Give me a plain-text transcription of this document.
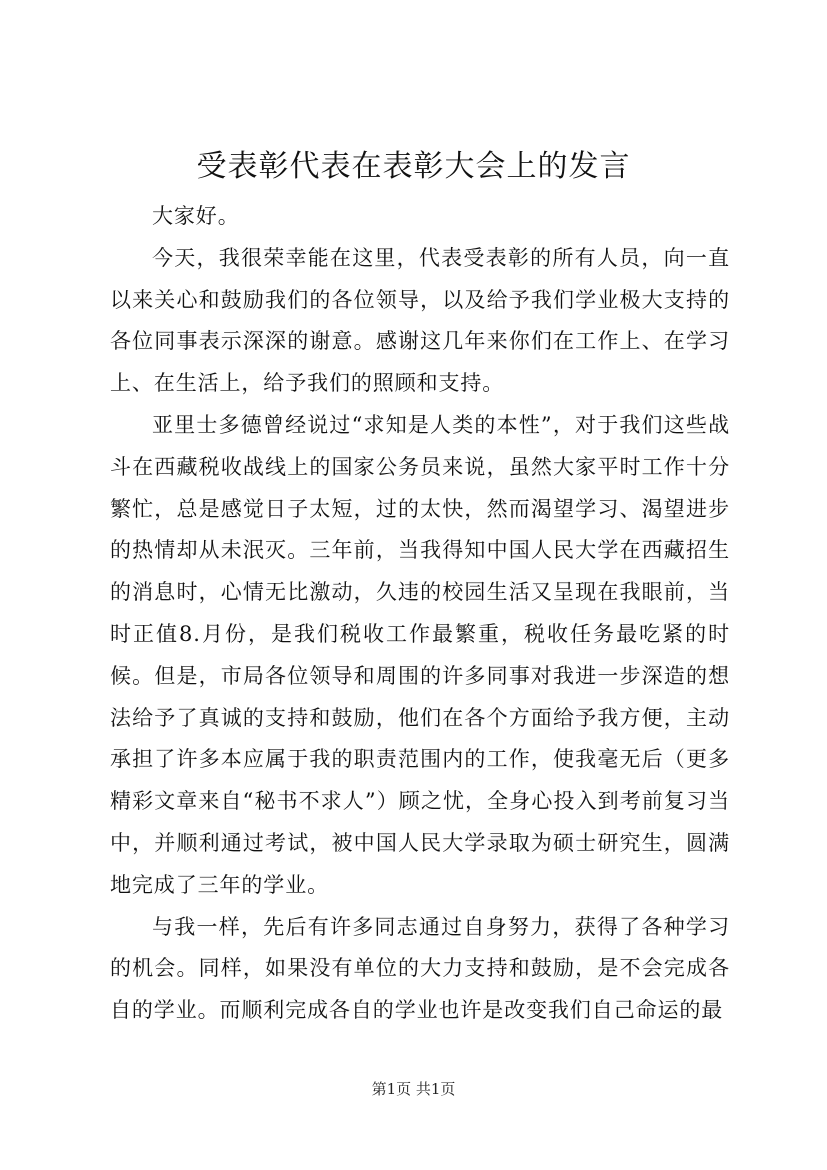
受表彰代表在表彰大会上的发言

大家好。

今天，我很荣幸能在这里，代表受表彰的所有人员，向一直以来关心和鼓励我们的各位领导，以及给予我们学业极大支持的各位同事表示深深的谢意。感谢这几年来你们在工作上、在学习上、在生活上，给予我们的照顾和支持。

亚里士多德曾经说过“求知是人类的本性”，对于我们这些战斗在西藏税收战线上的国家公务员来说，虽然大家平时工作十分繁忙，总是感觉日子太短，过的太快，然而渴望学习、渴望进步的热情却从未泯灭。三年前，当我得知中国人民大学在西藏招生的消息时，心情无比激动，久违的校园生活又呈现在我眼前，当时正值8.月份，是我们税收工作最繁重，税收任务最吃紧的时候。但是，市局各位领导和周围的许多同事对我进一步深造的想法给予了真诚的支持和鼓励，他们在各个方面给予我方便，主动承担了许多本应属于我的职责范围内的工作，使我毫无后（更多精彩文章来自“秘书不求人”）顾之忧，全身心投入到考前复习当中，并顺利通过考试，被中国人民大学录取为硕士研究生，圆满地完成了三年的学业。

与我一样，先后有许多同志通过自身努力，获得了各种学习的机会。同样，如果没有单位的大力支持和鼓励，是不会完成各自的学业。而顺利完成各自的学业也许是改变我们自己命运的最

第1页 共1页
